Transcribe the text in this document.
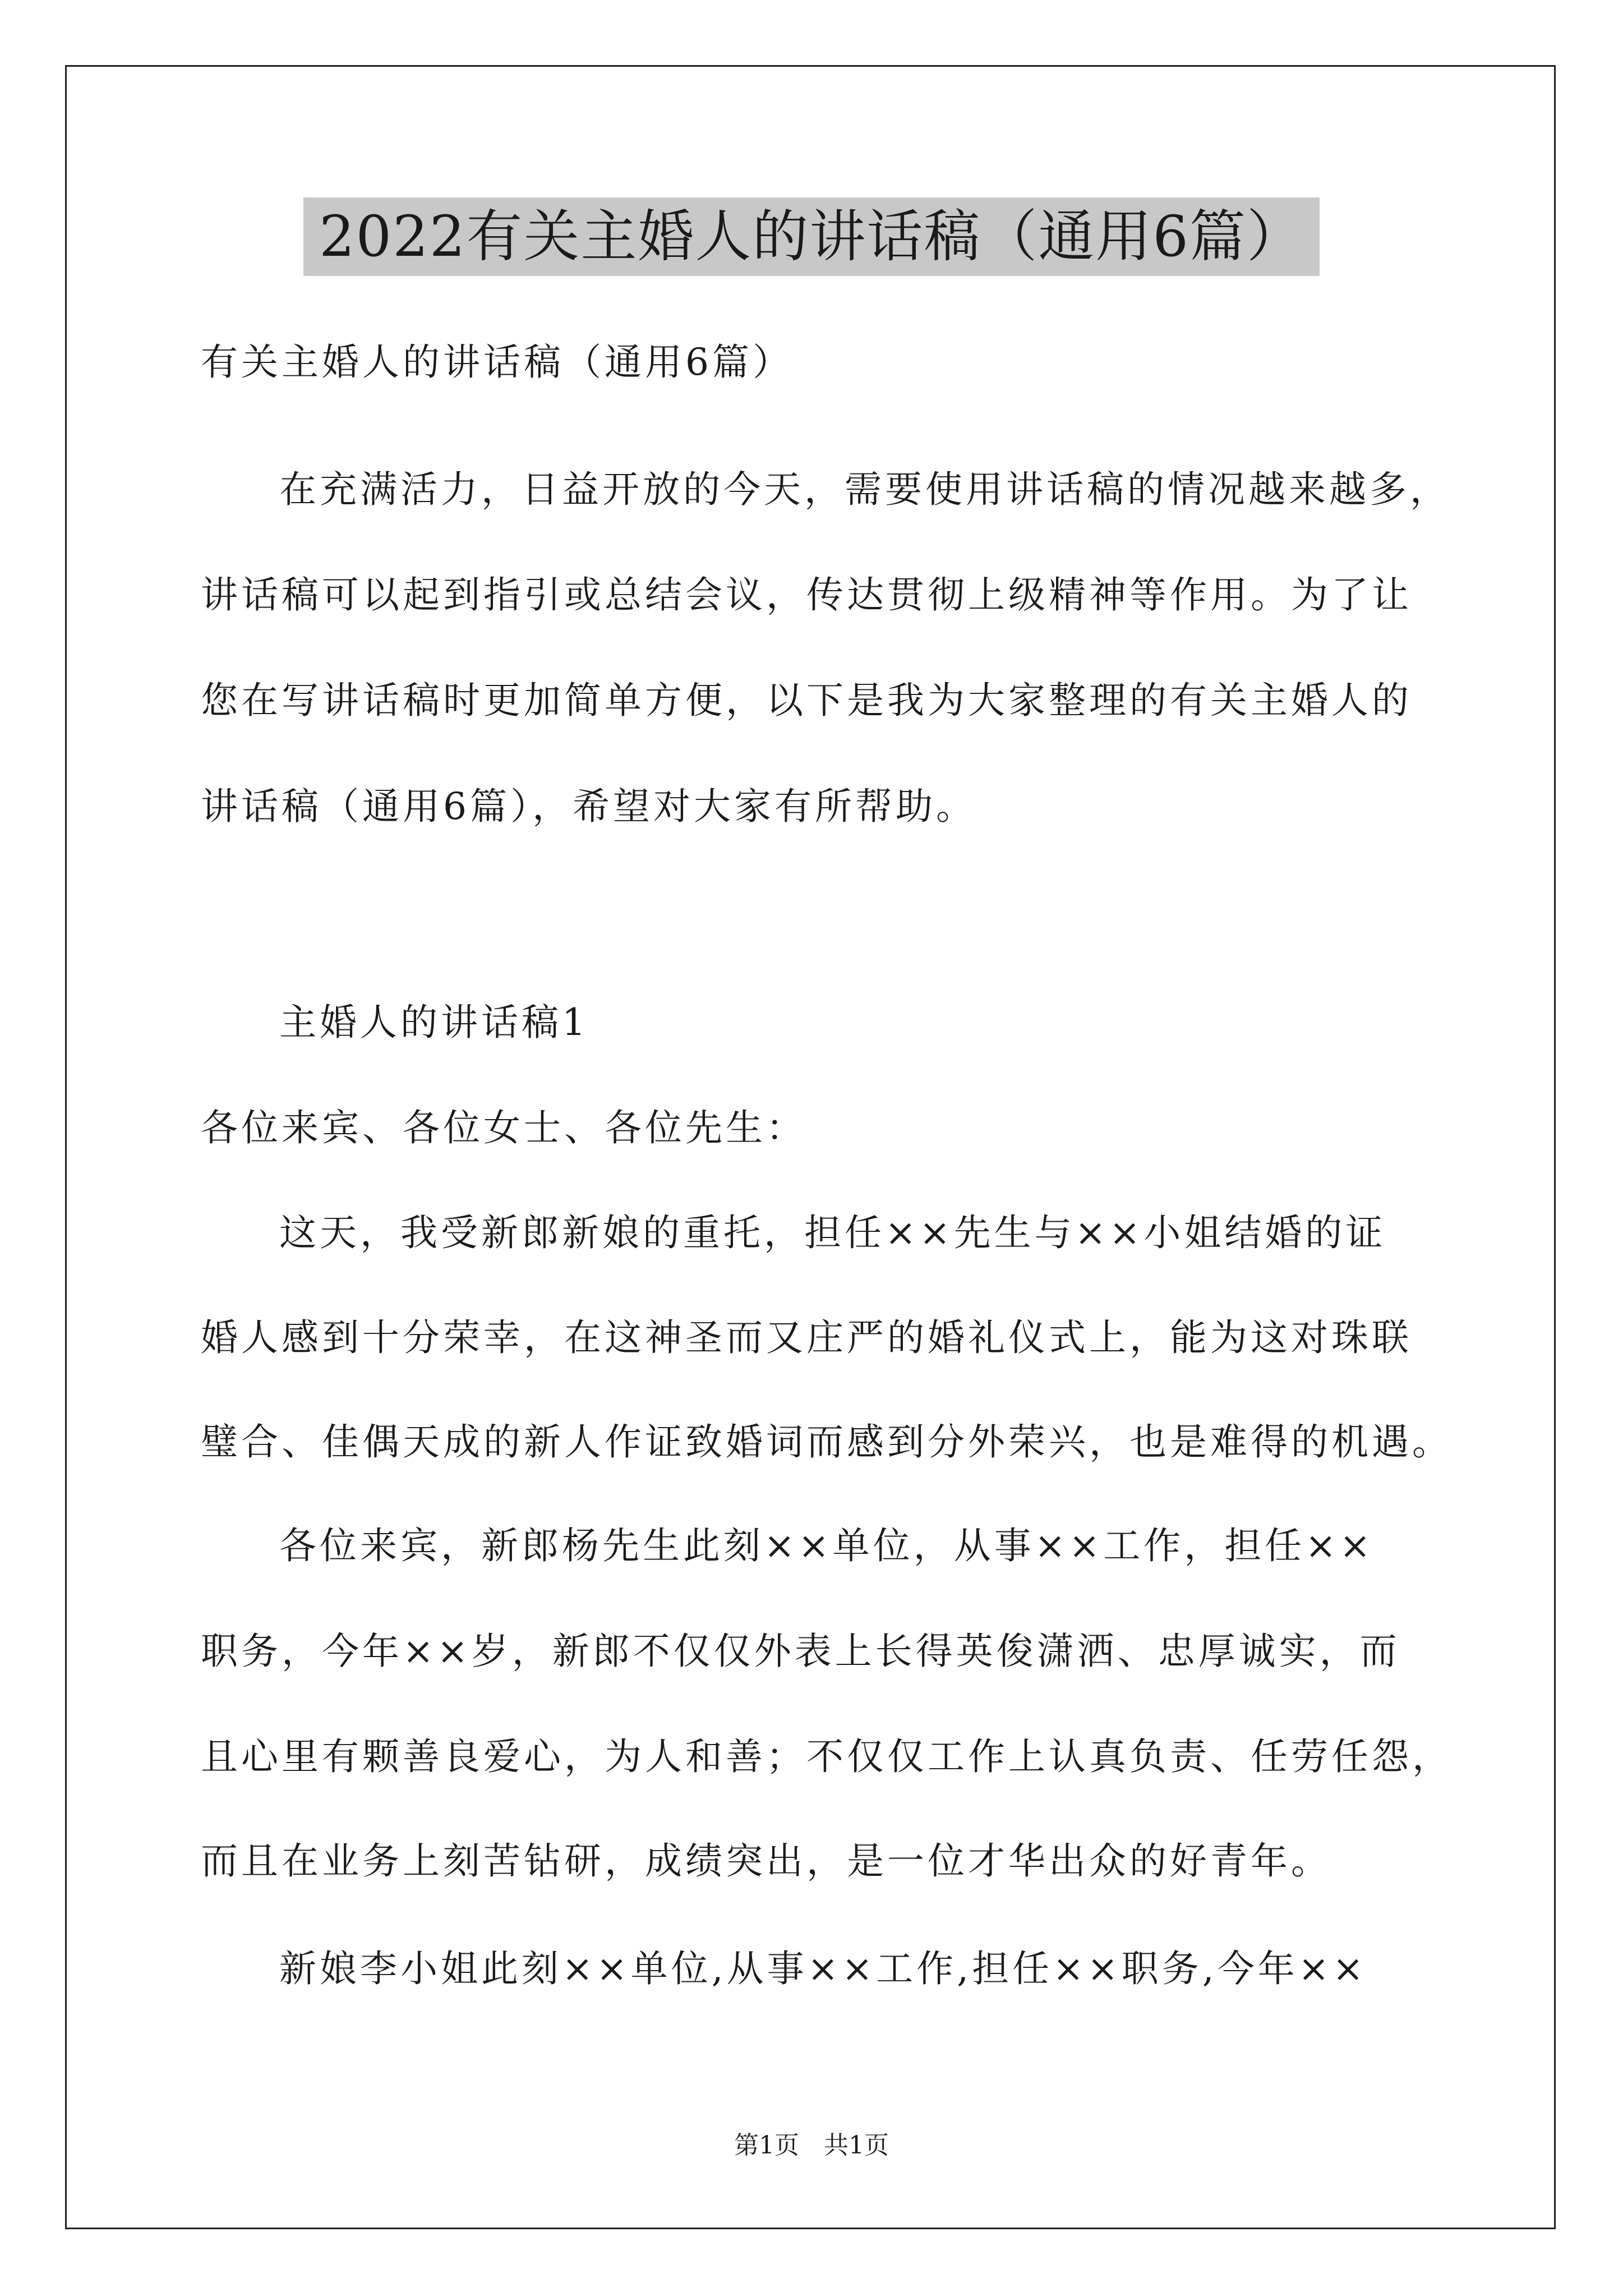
2022有关主婚人的讲话稿（通用6篇）
有关主婚人的讲话稿（通用6篇）
在充满活力，日益开放的今天，需要使用讲话稿的情况越来越多，
讲话稿可以起到指引或总结会议，传达贯彻上级精神等作用。为了让
您在写讲话稿时更加简单方便，以下是我为大家整理的有关主婚人的
讲话稿（通用6篇），希望对大家有所帮助。
主婚人的讲话稿1
各位来宾、各位女士、各位先生：
这天，我受新郎新娘的重托，担任××先生与××小姐结婚的证
婚人感到十分荣幸，在这神圣而又庄严的婚礼仪式上，能为这对珠联
璧合、佳偶天成的新人作证致婚词而感到分外荣兴，也是难得的机遇。
各位来宾，新郎杨先生此刻××单位，从事××工作，担任××
职务，今年××岁，新郎不仅仅外表上长得英俊潇洒、忠厚诚实，而
且心里有颗善良爱心，为人和善；不仅仅工作上认真负责、任劳任怨，
而且在业务上刻苦钻研，成绩突出，是一位才华出众的好青年。
新娘李小姐此刻××单位,从事××工作,担任××职务,今年××
第1页　共1页
